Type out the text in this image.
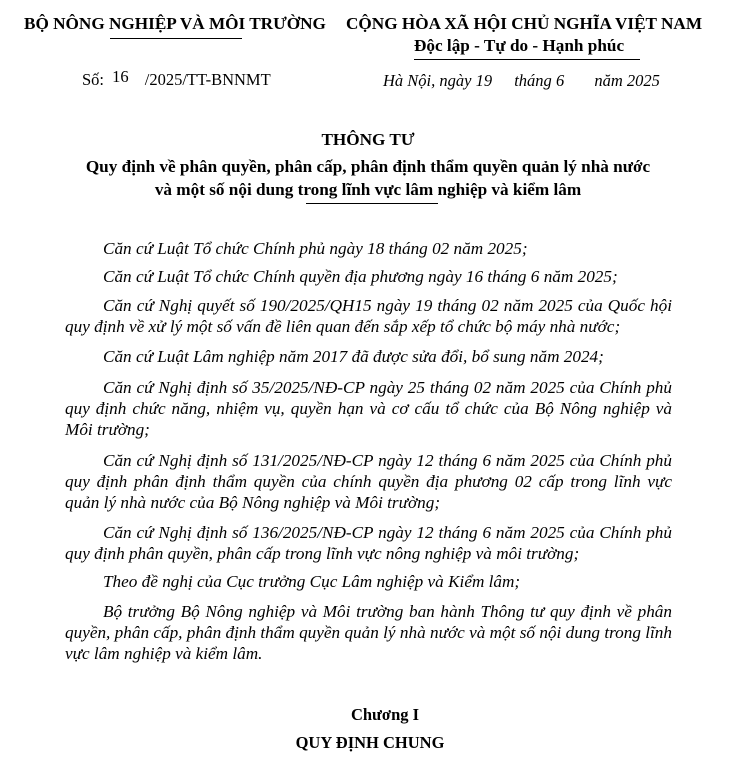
BỘ NÔNG NGHIỆP VÀ MÔI TRƯỜNG CỘNG HÒA XÃ HỘI CHỦ NGHĨA VIỆT NAM
Độc lập - Tự do - Hạnh phúc
Số: 16 /2025/TT-BNNMT	Hà Nội, ngày 19 tháng 6 năm 2025
THÔNG TƯ
Quy định về phân quyền, phân cấp, phân định thẩm quyền quản lý nhà nước
và một số nội dung trong lĩnh vực lâm nghiệp và kiểm lâm
Căn cứ Luật Tổ chức Chính phủ ngày 18 tháng 02 năm 2025;
Căn cứ Luật Tổ chức Chính quyền địa phương ngày 16 tháng 6 năm 2025;
Căn cứ Nghị quyết số 190/2025/QH15 ngày 19 tháng 02 năm 2025 của Quốc hội quy định về xử lý một số vấn đề liên quan đến sắp xếp tổ chức bộ máy nhà nước;
Căn cứ Luật Lâm nghiệp năm 2017 đã được sửa đổi, bổ sung năm 2024;
Căn cứ Nghị định số 35/2025/NĐ-CP ngày 25 tháng 02 năm 2025 của Chính phủ quy định chức năng, nhiệm vụ, quyền hạn và cơ cấu tổ chức của Bộ Nông nghiệp và Môi trường;
Căn cứ Nghị định số 131/2025/NĐ-CP ngày 12 tháng 6 năm 2025 của Chính phủ quy định phân định thẩm quyền của chính quyền địa phương 02 cấp trong lĩnh vực quản lý nhà nước của Bộ Nông nghiệp và Môi trường;
Căn cứ Nghị định số 136/2025/NĐ-CP ngày 12 tháng 6 năm 2025 của Chính phủ quy định phân quyền, phân cấp trong lĩnh vực nông nghiệp và môi trường;
Theo đề nghị của Cục trưởng Cục Lâm nghiệp và Kiểm lâm;
Bộ trưởng Bộ Nông nghiệp và Môi trường ban hành Thông tư quy định về phân quyền, phân cấp, phân định thẩm quyền quản lý nhà nước và một số nội dung trong lĩnh vực lâm nghiệp và kiểm lâm.
Chương I
QUY ĐỊNH CHUNG
